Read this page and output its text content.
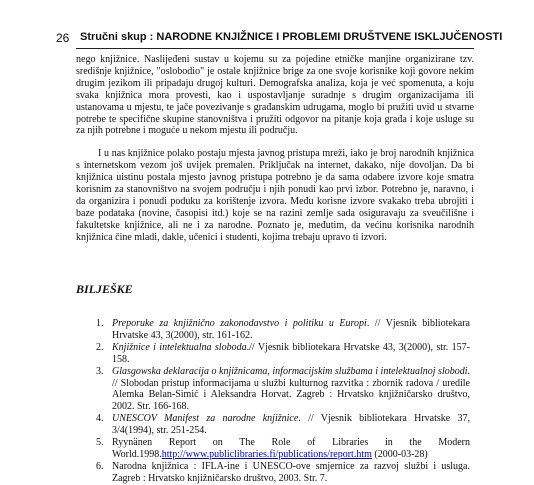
26 Stručni skup : NARODNE KNJIŽNICE I PROBLEMI DRUŠTVENE ISKLJUČENOSTI

nego knjižnice. Naslijeđeni sustav u kojemu su za pojedine etničke manjine organizirane tzv. središnje knjižnice, "oslobodio" je ostale knjižnice brige za one svoje korisnike koji govore nekim drugim jezikom ili pripadaju drugoj kulturi. Demografska analiza, koja je već spomenuta, a koju svaka knjižnica mora provesti, kao i uspostavljanje suradnje s drugim organizacijama ili ustanovama u mjestu, te jače povezivanje s građanskim udrugama, moglo bi pružiti uvid u stvarne potrebe te specifične skupine stanovništva i pružiti odgovor na pitanje koja građa i koje usluge su za njih potrebne i moguće u nekom mjestu ili području.

I u nas knjižnice polako postaju mjesta javnog pristupa mreži, iako je broj narodnih knjižnica s internetskom vezom još uvijek premalen. Priključak na internet, dakako, nije dovoljan. Da bi knjižnica uistinu postala mjesto javnog pristupa potrebno je da sama odabere izvore koje smatra korisnim za stanovništvo na svojem području i njih ponudi kao prvi izbor. Potrebno je, naravno, i da organizira i ponudi poduku za korištenje izvora. Među korisne izvore svakako treba ubrojiti i baze podataka (novine, časopisi itd.) koje se na razini zemlje sada osiguravaju za sveučilišne i fakultetske knjižnice, ali ne i za narodne. Poznato je, međutim, da većinu korisnika narodnih knjižnica čine mladi, dakle, učenici i studenti, kojima trebaju upravo ti izvori.

BILJEŠKE
1. Preporuke za knjižnično zakonodavstvo i politiku u Europi. // Vjesnik bibliotekara Hrvatske 43, 3(2000), str. 161-162.
2. Knjižnice i intelektualna sloboda.// Vjesnik bibliotekara Hrvatske 43, 3(2000), str. 157-158.
3. Glasgowska deklaracija o knjižnicama, informacijskim službama i intelektualnoj slobodi. // Slobodan pristup informacijama u službi kulturnog razvitka : zbornik radova / uredile Alemka Belan-Simić i Aleksandra Horvat. Zagreb : Hrvatsko knjižničarsko društvo, 2002. Str. 166-168.
4. UNESCOV Manifest za narodne knjižnice. // Vjesnik bibliotekara Hrvatske 37, 3/4(1994), str. 251-254.
5. Ryynänen Report on The Role of Libraries in the Modern World.1998.http://www.publiclibraries.fi/publications/report.htm (2000-03-28)
6. Narodna knjižnica : IFLA-ine i UNESCO-ove smjernice za razvoj službi i usluga. Zagreb : Hrvatsko knjižničarsko društvo, 2003. Str. 7.
